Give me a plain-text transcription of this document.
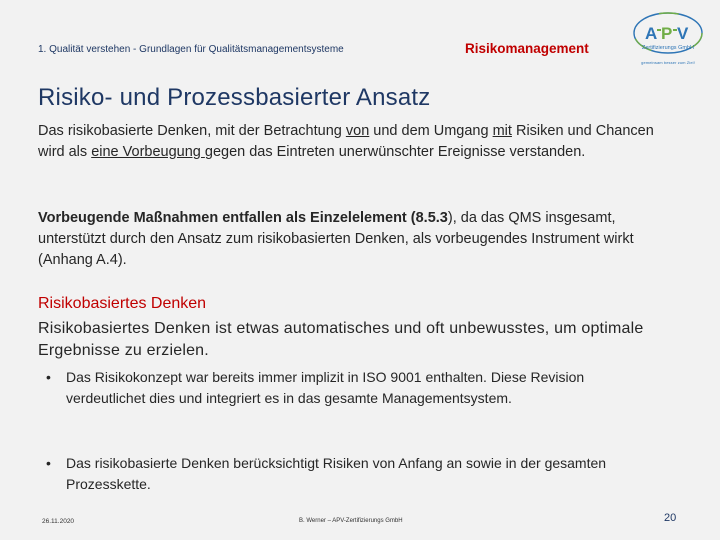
1. Qualität verstehen - Grundlagen für Qualitätsmanagementsysteme	Risikomanagement
A P V
Zertifizierungs GmbH
gemeinsam besser zum Ziel!
Risiko- und Prozessbasierter Ansatz
Das risikobasierte Denken, mit der Betrachtung von und dem Umgang mit Risiken und Chancen wird als eine Vorbeugung gegen das Eintreten unerwünschter Ereignisse verstanden.
Vorbeugende Maßnahmen entfallen als Einzelelement (8.5.3), da das QMS insgesamt, unterstützt durch den Ansatz zum risikobasierten Denken, als vorbeugendes Instrument wirkt (Anhang A.4).
Risikobasiertes Denken
Risikobasiertes Denken ist etwas automatisches und oft unbewusstes, um optimale Ergebnisse zu erzielen.
• Das Risikokonzept war bereits immer implizit in ISO 9001 enthalten. Diese Revision verdeutlichet dies und integriert es in das gesamte Managementsystem.
• Das risikobasierte Denken berücksichtigt Risiken von Anfang an sowie in der gesamten Prozesskette.
26.11.2020	B. Werner – APV-Zertifizierungs GmbH	20
